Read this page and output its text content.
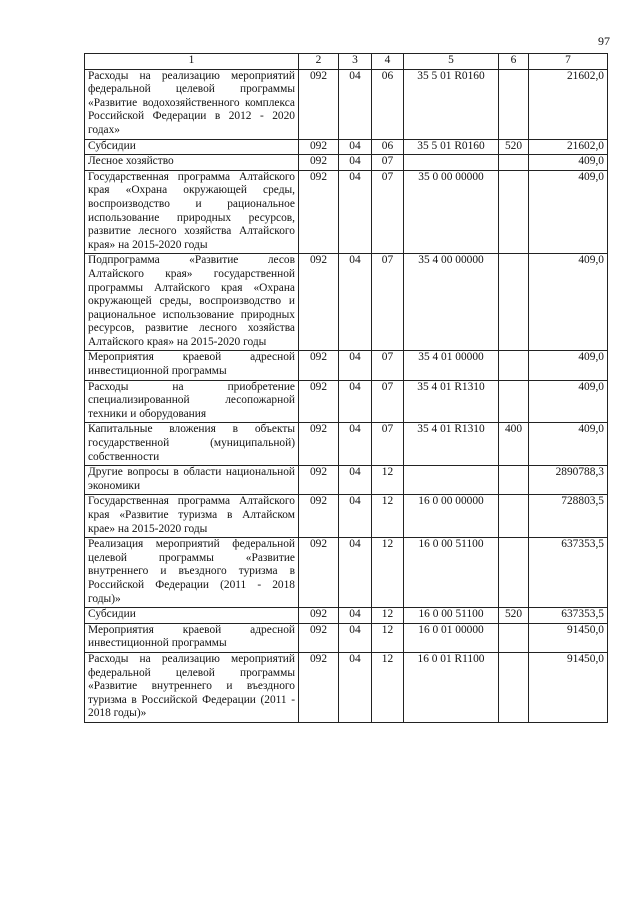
97
1	2	3	4	5	6	7
Расходы на реализацию мероприятий федеральной целевой программы «Развитие водохозяйственного комплекса Российской Федерации в 2012 - 2020 годах»	092	04	06	35 5 01 R0160		21602,0
Субсидии	092	04	06	35 5 01 R0160	520	21602,0
Лесное хозяйство	092	04	07			409,0
Государственная программа Алтайского края «Охрана окружающей среды, воспроизводство и рациональное использование природных ресурсов, развитие лесного хозяйства Алтайского края» на 2015-2020 годы	092	04	07	35 0 00 00000		409,0
Подпрограмма «Развитие лесов Алтайского края» государственной программы Алтайского края «Охрана окружающей среды, воспроизводство и рациональное использование природных ресурсов, развитие лесного хозяйства Алтайского края» на 2015-2020 годы	092	04	07	35 4 00 00000		409,0
Мероприятия краевой адресной инвестиционной программы	092	04	07	35 4 01 00000		409,0
Расходы на приобретение специализированной лесопожарной техники и оборудования	092	04	07	35 4 01 R1310		409,0
Капитальные вложения в объекты государственной (муниципальной) собственности	092	04	07	35 4 01 R1310	400	409,0
Другие вопросы в области национальной экономики	092	04	12			2890788,3
Государственная программа Алтайского края «Развитие туризма в Алтайском крае» на 2015-2020 годы	092	04	12	16 0 00 00000		728803,5
Реализация мероприятий федеральной целевой программы «Развитие внутреннего и въездного туризма в Российской Федерации (2011 - 2018 годы)»	092	04	12	16 0 00 51100		637353,5
Субсидии	092	04	12	16 0 00 51100	520	637353,5
Мероприятия краевой адресной инвестиционной программы	092	04	12	16 0 01 00000		91450,0
Расходы на реализацию мероприятий федеральной целевой программы «Развитие внутреннего и въездного туризма в Российской Федерации (2011 - 2018 годы)»	092	04	12	16 0 01 R1100		91450,0
